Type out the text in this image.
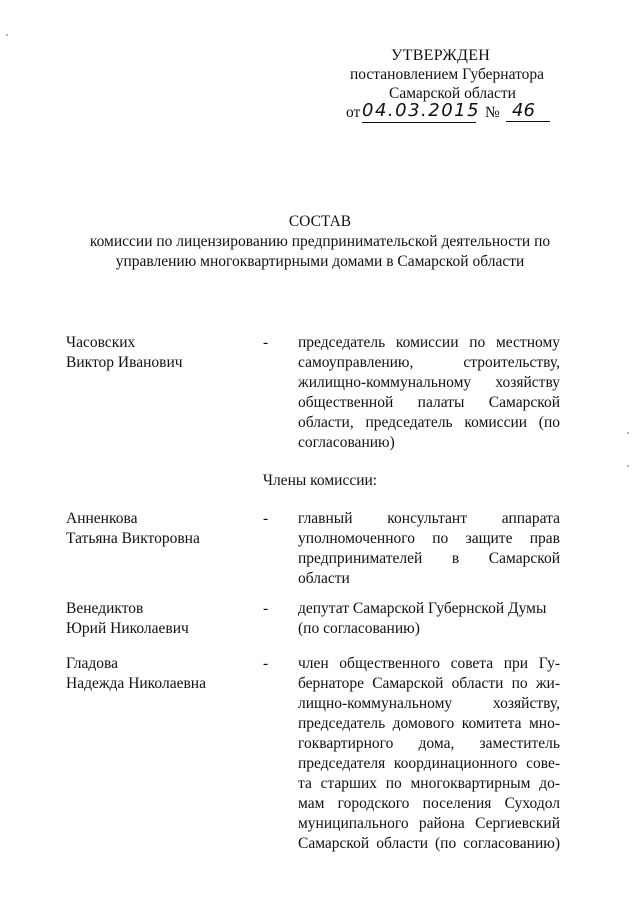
УТВЕРЖДЕН
постановлением Губернатора
Самарской области
от 04.03.2015 № 46
СОСТАВ
комиссии по лицензированию предпринимательской деятельности по
управлению многоквартирными домами в Самарской области
Часовских
Виктор Иванович
- председатель комиссии по местному
самоуправлению, строительству,
жилищно-коммунальному хозяйству
общественной палаты Самарской
области, председатель комиссии (по
согласованию)
Члены комиссии:
Анненкова
Татьяна Викторовна
- главный консультант аппарата
уполномоченного по защите прав
предпринимателей в Самарской
области
Венедиктов
Юрий Николаевич
- депутат Самарской Губернской Думы
(по согласованию)
Гладова
Надежда Николаевна
- член общественного совета при Гу-
бернаторе Самарской области по жи-
лищно-коммунальному хозяйству,
председатель домового комитета мно-
гоквартирного дома, заместитель
председателя координационного сове-
та старших по многоквартирным до-
мам городского поселения Суходол
муниципального района Сергиевский
Самарской области (по согласованию)
